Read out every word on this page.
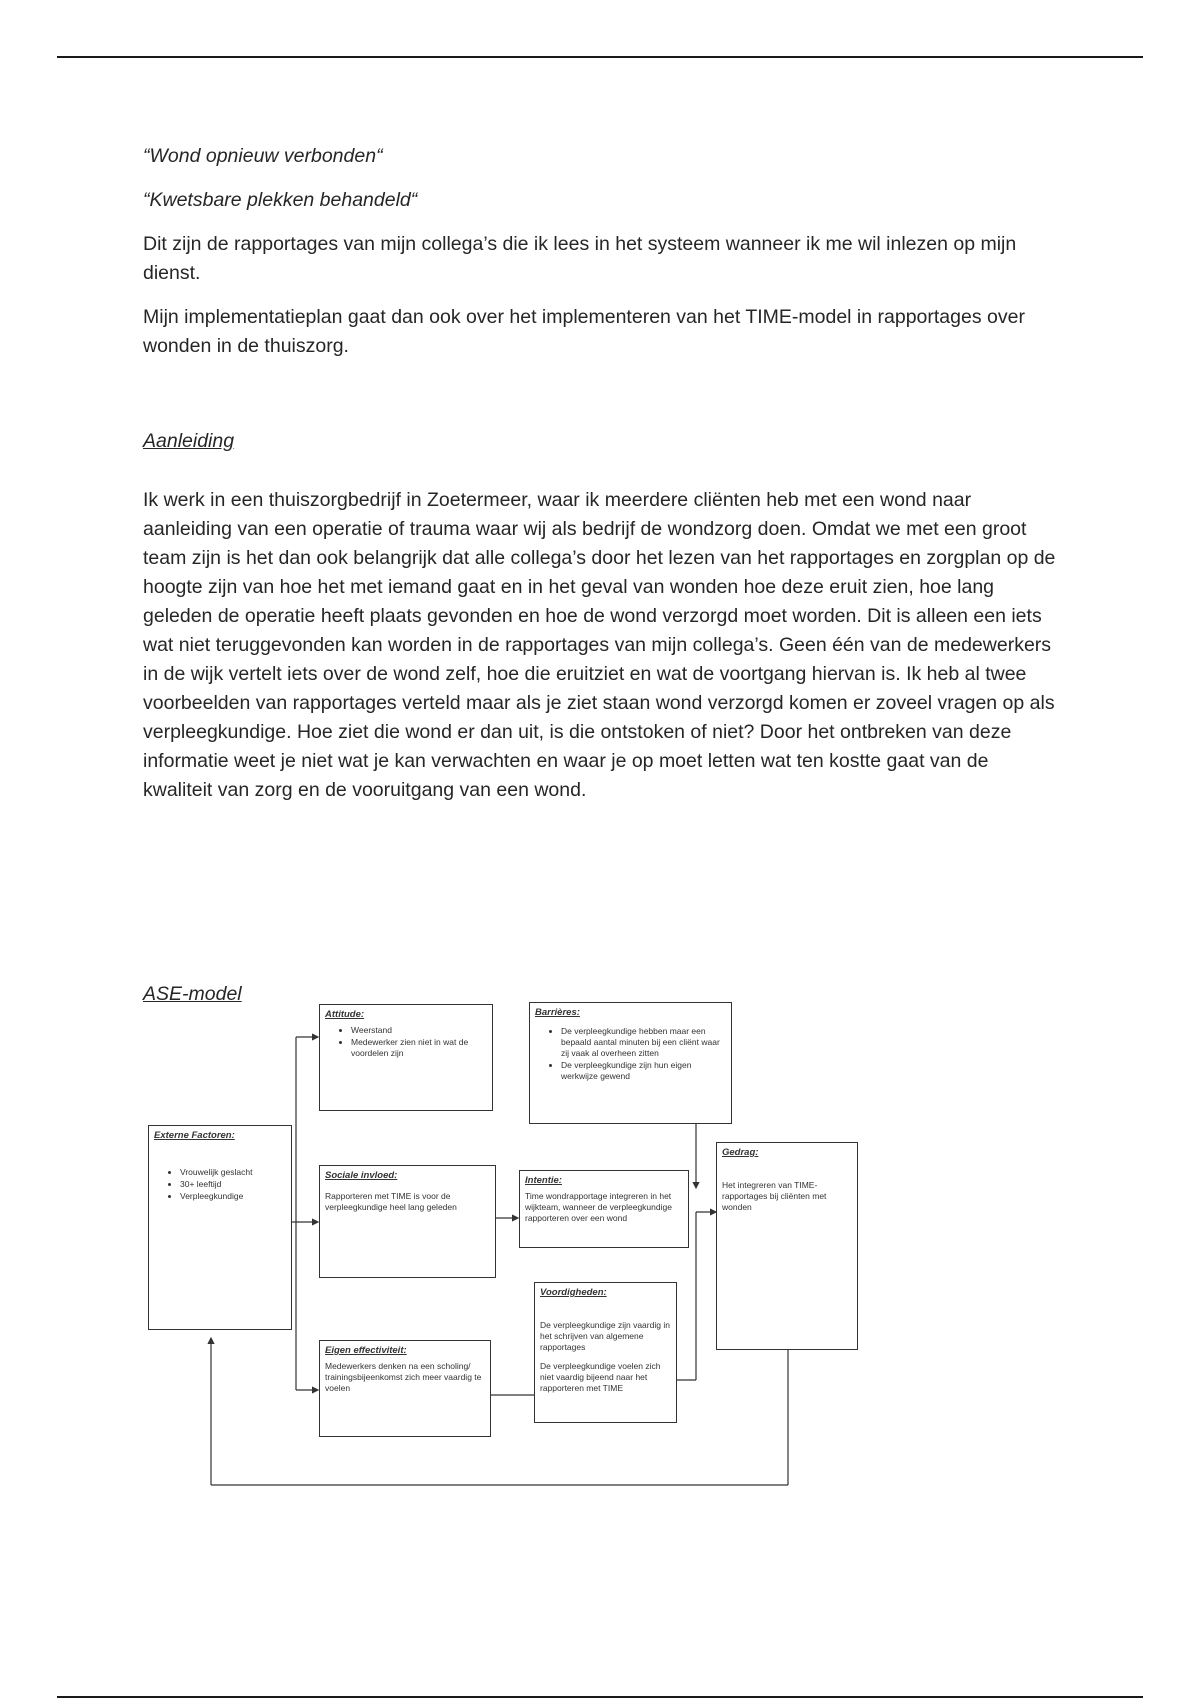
“Wond opnieuw verbonden“

“Kwetsbare plekken behandeld“

Dit zijn de rapportages van mijn collega’s die ik lees in het systeem wanneer ik me wil inlezen op mijn dienst.

Mijn implementatieplan gaat dan ook over het implementeren van het TIME-model in rapportages over wonden in de thuiszorg.

Aanleiding

Ik werk in een thuiszorgbedrijf in Zoetermeer, waar ik meerdere cliënten heb met een wond naar aanleiding van een operatie of trauma waar wij als bedrijf de wondzorg doen. Omdat we met een groot team zijn is het dan ook belangrijk dat alle collega’s door het lezen van het rapportages en zorgplan op de hoogte zijn van hoe het met iemand gaat en in het geval van wonden hoe deze eruit zien, hoe lang geleden de operatie heeft plaats gevonden en hoe de wond verzorgd moet worden. Dit is alleen een iets wat niet teruggevonden kan worden in de rapportages van mijn collega’s. Geen één van de medewerkers in de wijk vertelt iets over de wond zelf, hoe die eruitziet en wat de voortgang hiervan is. Ik heb al twee voorbeelden van rapportages verteld maar als je ziet staan wond verzorgd komen er zoveel vragen op als verpleegkundige. Hoe ziet die wond er dan uit, is die ontstoken of niet? Door het ontbreken van deze informatie weet je niet wat je kan verwachten en waar je op moet letten wat ten kostte gaat van de kwaliteit van zorg en de vooruitgang van een wond.

ASE-model

Externe Factoren:
• Vrouwelijk geslacht
• 30+ leeftijd
• Verpleegkundige
Attitude:
• Weerstand
• Medewerker zien niet in wat de voordelen zijn
Sociale invloed:
Rapporteren met TIME is voor de verpleegkundige heel lang geleden
Eigen effectiviteit:
Medewerkers denken na een scholing/ trainingsbijeenkomst zich meer vaardig te voelen
Barrières:
• De verpleegkundige hebben maar een bepaald aantal minuten bij een cliënt waar zij vaak al overheen zitten
• De verpleegkundige zijn hun eigen werkwijze gewend
Intentie:
Time wondrapportage integreren in het wijkteam, wanneer de verpleegkundige rapporteren over een wond
Voordigheden:

De verpleegkundige zijn vaardig in het schrijven van algemene rapportages

De verpleegkundige voelen zich niet vaardig bijeend naar het rapporteren met TIME

Gedrag:
Het integreren van TIME-rapportages bij cliënten met wonden
